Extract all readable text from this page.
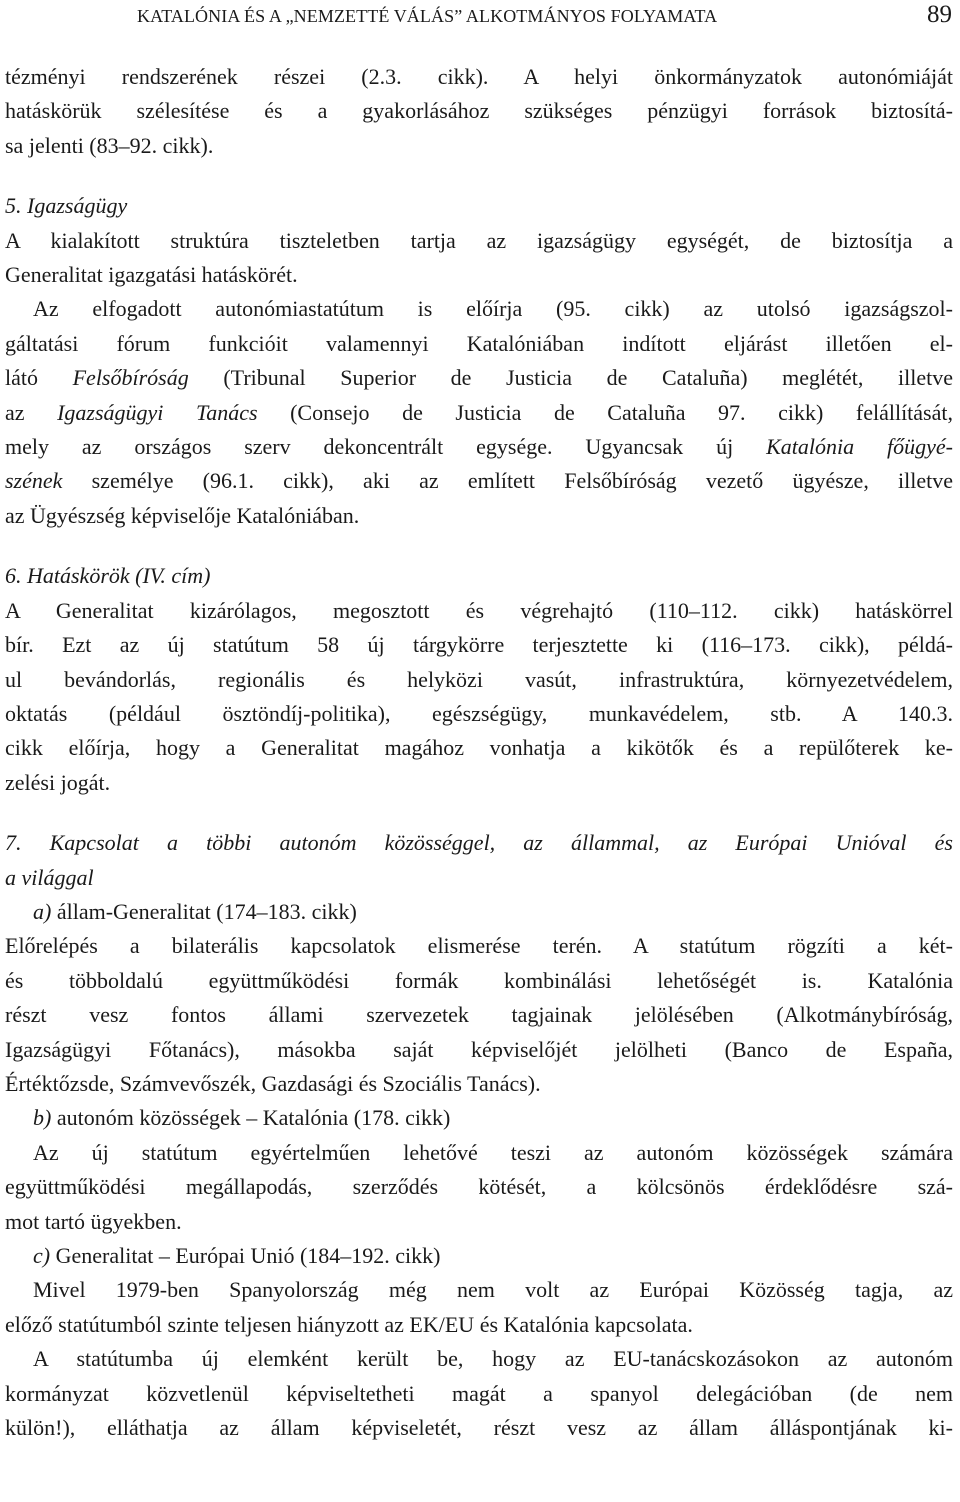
KATALÓNIA ÉS A „NEMZETTÉ VÁLÁS” ALKOTMÁNYOS FOLYAMATA	89
tézményi rendszerének részei (2.3. cikk). A helyi önkormányzatok autonómiáját
hatáskörük szélesítése és a gyakorlásához szükséges pénzügyi források biztosítá-
sa jelenti (83–92. cikk).
5. Igazságügy
A kialakított struktúra tiszteletben tartja az igazságügy egységét, de biztosítja a
Generalitat igazgatási hatáskörét.
Az elfogadott autonómiastatútum is előírja (95. cikk) az utolsó igazságszol-
gáltatási fórum funkcióit valamennyi Katalóniában indított eljárást illetően el-
látó Felsőbíróság (Tribunal Superior de Justicia de Cataluña) meglétét, illetve
az Igazságügyi Tanács (Consejo de Justicia de Cataluña 97. cikk) felállítását,
mely az országos szerv dekoncentrált egysége. Ugyancsak új Katalónia főügyé-
szének személye (96.1. cikk), aki az említett Felsőbíróság vezető ügyésze, illetve
az Ügyészség képviselője Katalóniában.
6. Hatáskörök (IV. cím)
A Generalitat kizárólagos, megosztott és végrehajtó (110–112. cikk) hatáskörrel
bír. Ezt az új statútum 58 új tárgykörre terjesztette ki (116–173. cikk), példá-
ul bevándorlás, regionális és helyközi vasút, infrastruktúra, környezetvédelem,
oktatás (például ösztöndíj-politika), egészségügy, munkavédelem, stb. A 140.3.
cikk előírja, hogy a Generalitat magához vonhatja a kikötők és a repülőterek ke-
zelési jogát.
7. Kapcsolat a többi autonóm közösséggel, az állammal, az Európai Unióval és
a világgal
a) állam-Generalitat (174–183. cikk)
Előrelépés a bilaterális kapcsolatok elismerése terén. A statútum rögzíti a két-
és többoldalú együttműködési formák kombinálási lehetőségét is. Katalónia
részt vesz fontos állami szervezetek tagjainak jelölésében (Alkotmánybíróság,
Igazságügyi Főtanács), másokba saját képviselőjét jelölheti (Banco de España,
Értéktőzsde, Számvevőszék, Gazdasági és Szociális Tanács).
b) autonóm közösségek – Katalónia (178. cikk)
Az új statútum egyértelműen lehetővé teszi az autonóm közösségek számára
együttműködési megállapodás, szerződés kötését, a kölcsönös érdeklődésre szá-
mot tartó ügyekben.
c) Generalitat – Európai Unió (184–192. cikk)
Mivel 1979-ben Spanyolország még nem volt az Európai Közösség tagja, az
előző statútumból szinte teljesen hiányzott az EK/EU és Katalónia kapcsolata.
A statútumba új elemként került be, hogy az EU-tanácskozásokon az autonóm
kormányzat közvetlenül képviseltetheti magát a spanyol delegációban (de nem
külön!), elláthatja az állam képviseletét, részt vesz az állam álláspontjának ki-
